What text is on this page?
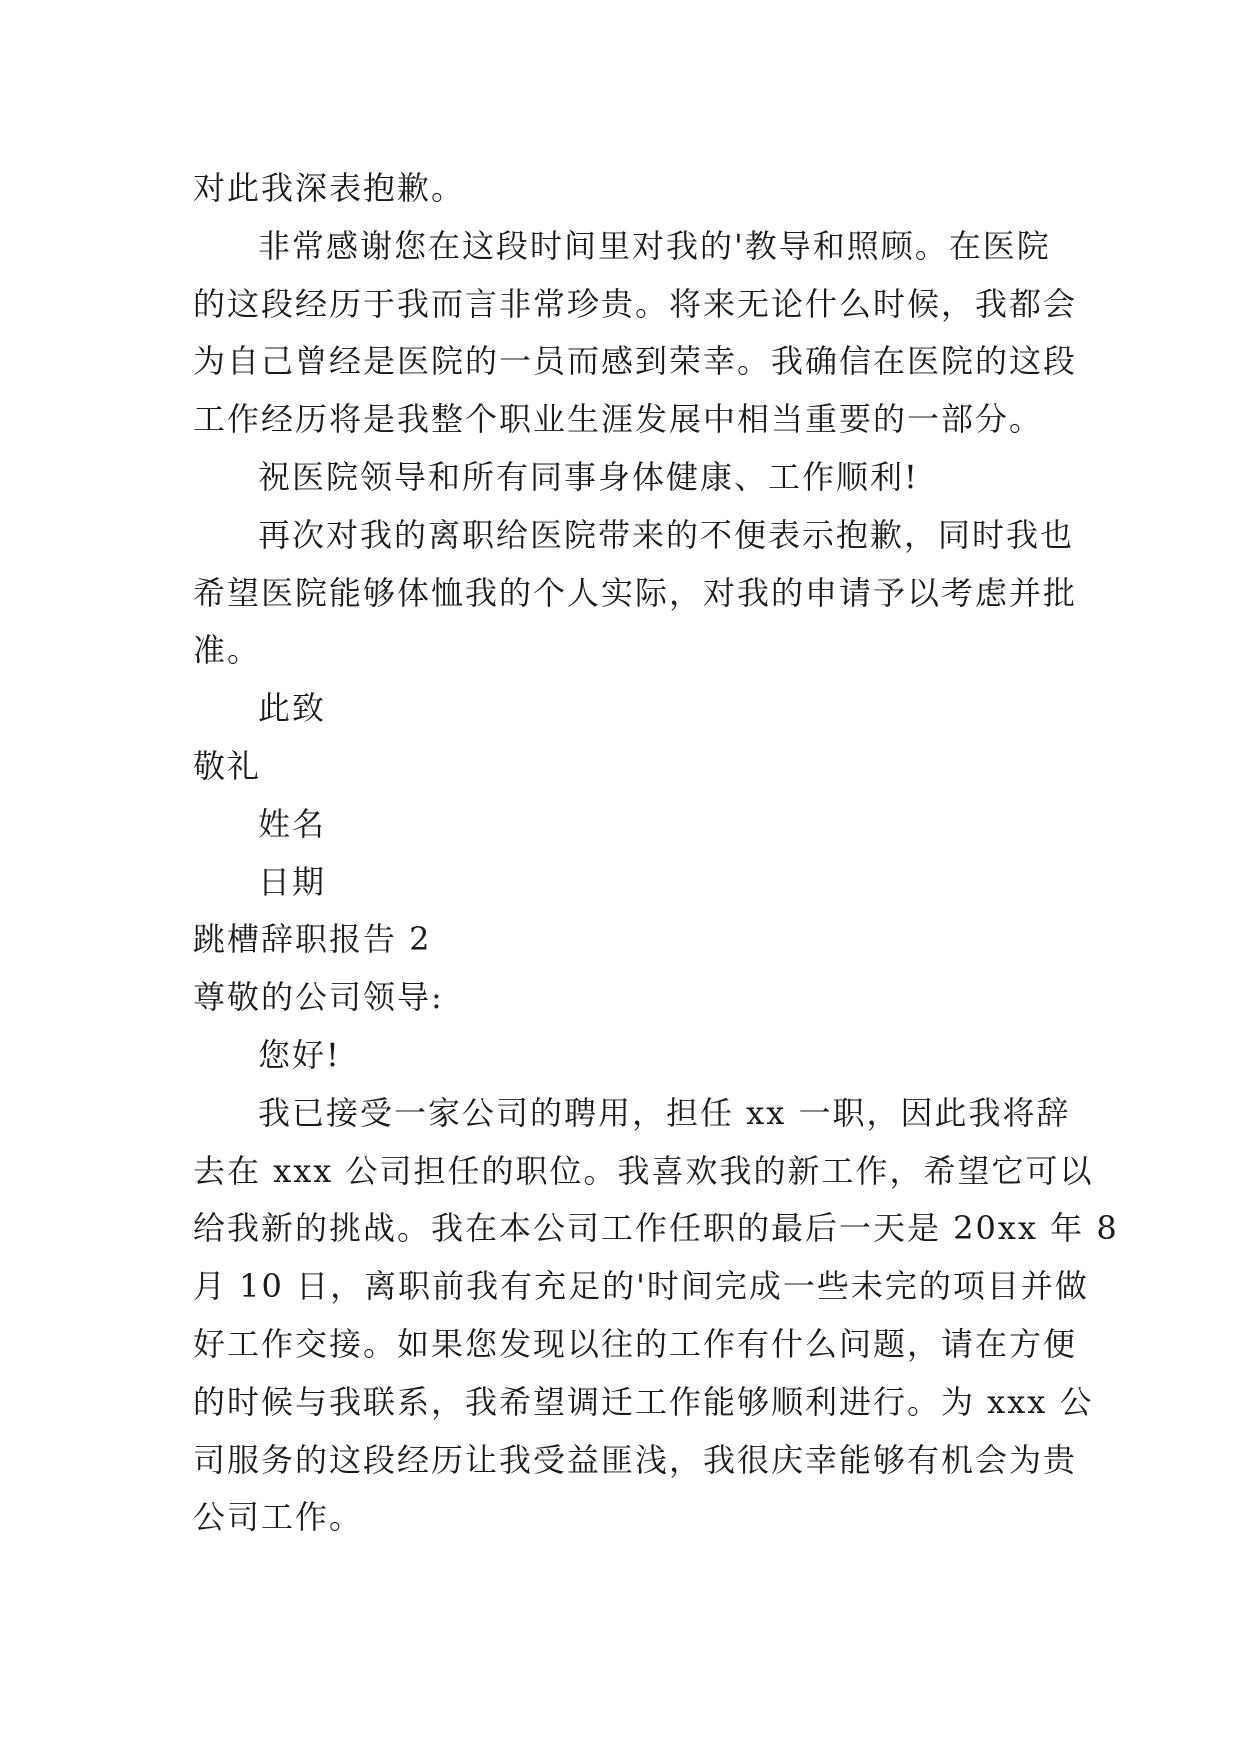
对此我深表抱歉。
非常感谢您在这段时间里对我的'教导和照顾。在医院
的这段经历于我而言非常珍贵。将来无论什么时候，我都会
为自己曾经是医院的一员而感到荣幸。我确信在医院的这段
工作经历将是我整个职业生涯发展中相当重要的一部分。
祝医院领导和所有同事身体健康、工作顺利!
再次对我的离职给医院带来的不便表示抱歉，同时我也
希望医院能够体恤我的个人实际，对我的申请予以考虑并批
准。
此致
敬礼
姓名
日期
跳槽辞职报告 2
尊敬的公司领导:
您好!
我已接受一家公司的聘用，担任 xx 一职，因此我将辞
去在 xxx 公司担任的职位。我喜欢我的新工作，希望它可以
给我新的挑战。我在本公司工作任职的最后一天是 20xx 年 8
月 10 日，离职前我有充足的'时间完成一些未完的项目并做
好工作交接。如果您发现以往的工作有什么问题，请在方便
的时候与我联系，我希望调迁工作能够顺利进行。为 xxx 公
司服务的这段经历让我受益匪浅，我很庆幸能够有机会为贵
公司工作。
